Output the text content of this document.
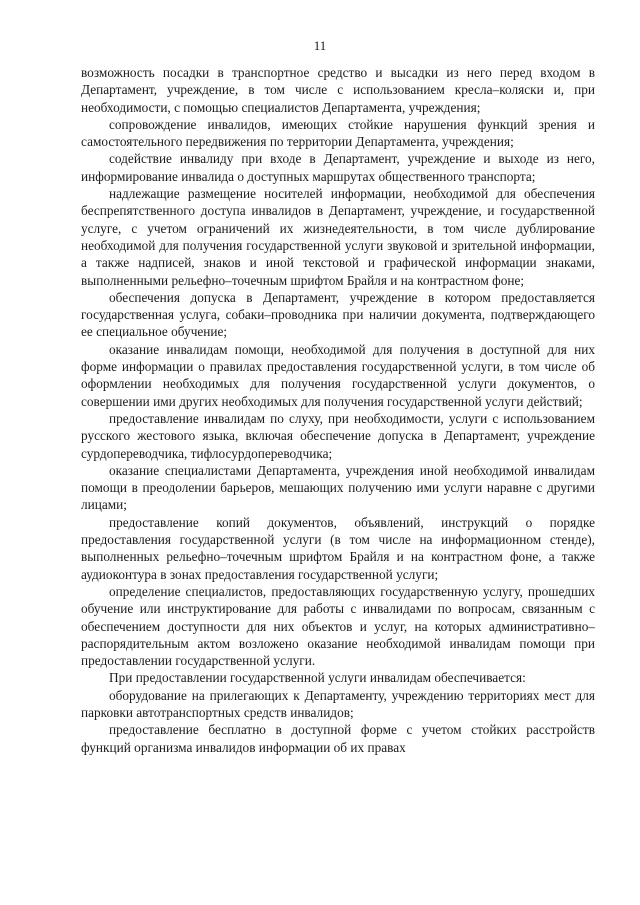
11

возможность посадки в транспортное средство и высадки из него перед входом в Департамент, учреждение, в том числе с использованием кресла–коляски и, при необходимости, с помощью специалистов Департамента, учреждения;

сопровождение инвалидов, имеющих стойкие нарушения функций зрения и самостоятельного передвижения по территории Департамента, учреждения;

содействие инвалиду при входе в Департамент, учреждение и выходе из него, информирование инвалида о доступных маршрутах общественного транспорта;

надлежащие размещение носителей информации, необходимой для обеспечения беспрепятственного доступа инвалидов в Департамент, учреждение, и государственной услуге, с учетом ограничений их жизнедеятельности, в том числе дублирование необходимой для получения государственной услуги звуковой и зрительной информации, а также надписей, знаков и иной текстовой и графической информации знаками, выполненными рельефно–точечным шрифтом Брайля и на контрастном фоне;

обеспечения допуска в Департамент, учреждение в котором предоставляется государственная услуга, собаки–проводника при наличии документа, подтверждающего ее специальное обучение;

оказание инвалидам помощи, необходимой для получения в доступной для них форме информации о правилах предоставления государственной услуги, в том числе об оформлении необходимых для получения государственной услуги документов, о совершении ими других необходимых для получения государственной услуги действий;

предоставление инвалидам по слуху, при необходимости, услуги с использованием русского жестового языка, включая обеспечение допуска в Департамент, учреждение сурдопереводчика, тифлосурдопереводчика;

оказание специалистами Департамента, учреждения иной необходимой инвалидам помощи в преодолении барьеров, мешающих получению ими услуги наравне с другими лицами;

предоставление копий документов, объявлений, инструкций о порядке предоставления государственной услуги (в том числе на информационном стенде), выполненных рельефно–точечным шрифтом Брайля и на контрастном фоне, а также аудиоконтура в зонах предоставления государственной услуги;

определение специалистов, предоставляющих государственную услугу, прошедших обучение или инструктирование для работы с инвалидами по вопросам, связанным с обеспечением доступности для них объектов и услуг, на которых административно–распорядительным актом возложено оказание необходимой инвалидам помощи при предоставлении государственной услуги.

При предоставлении государственной услуги инвалидам обеспечивается:

оборудование на прилегающих к Департаменту, учреждению территориях мест для парковки автотранспортных средств инвалидов;

предоставление бесплатно в доступной форме с учетом стойких расстройств функций организма инвалидов информации об их правах
